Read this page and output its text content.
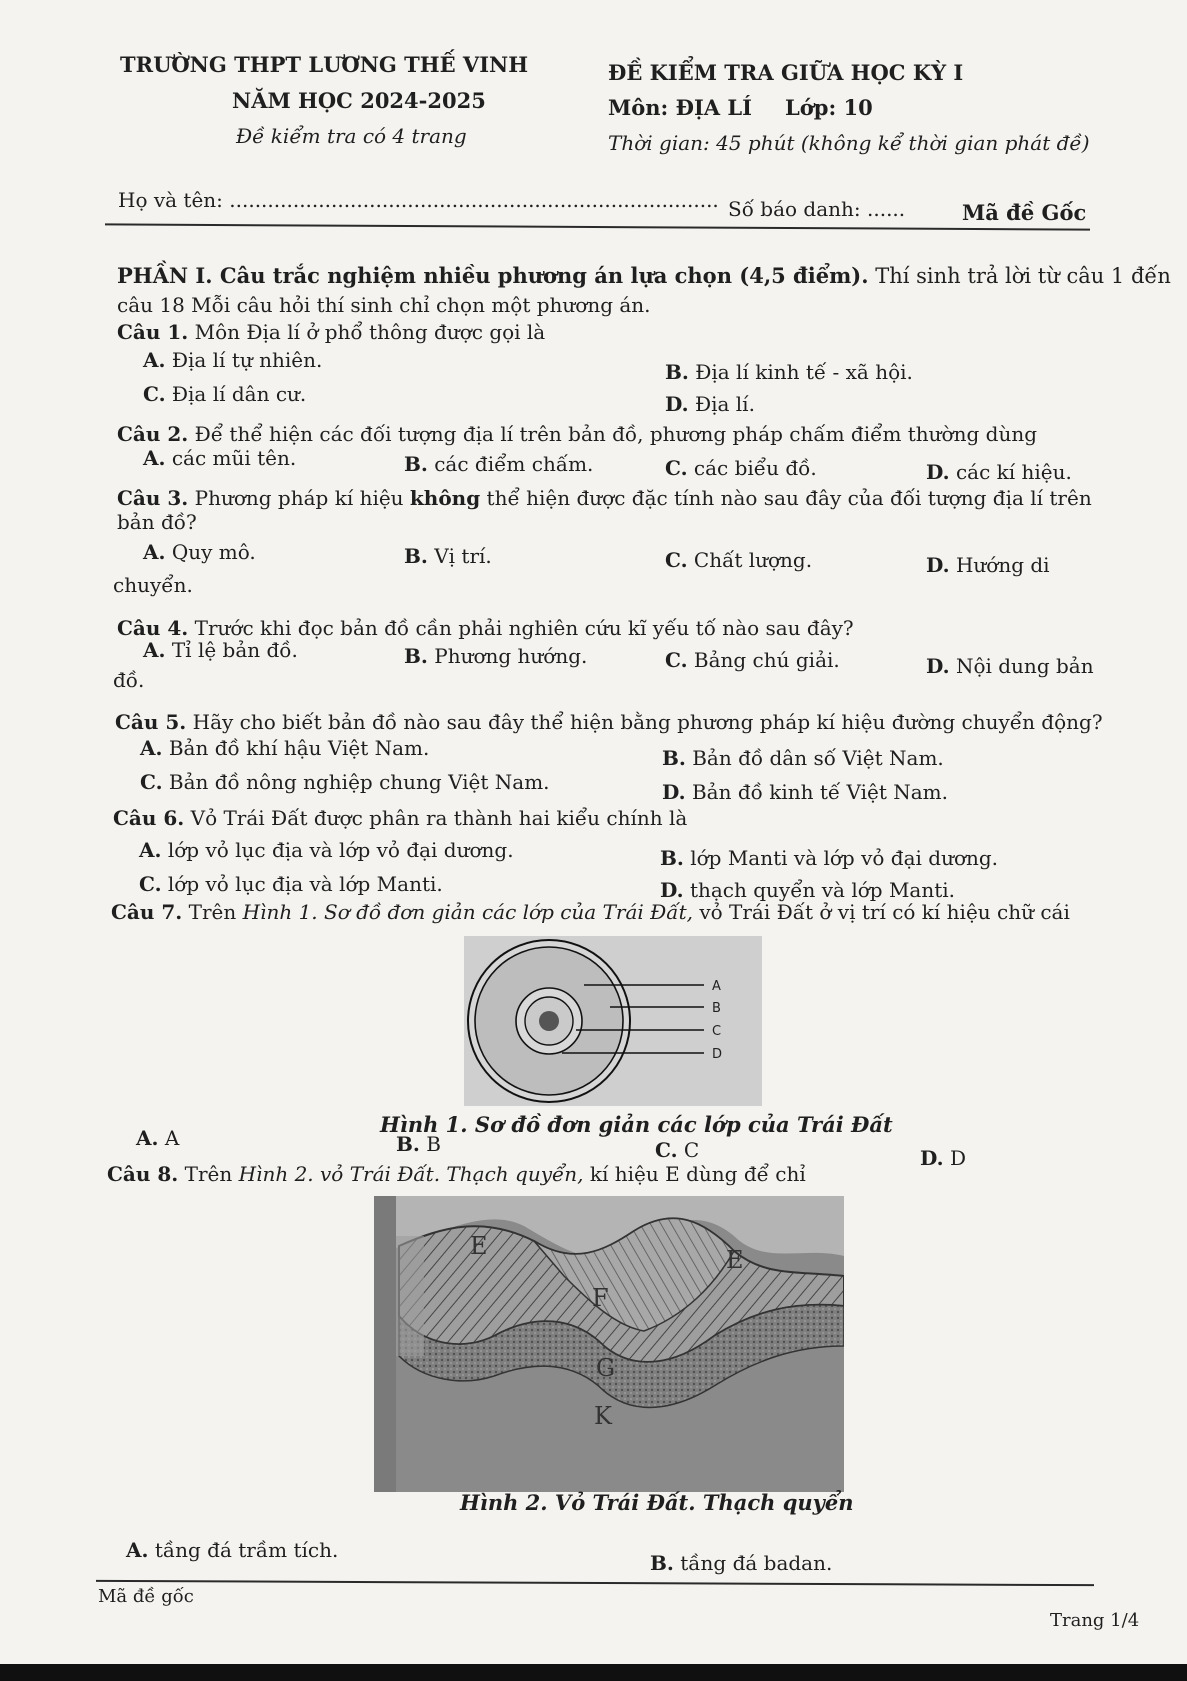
TRƯỜNG THPT LƯƠNG THẾ VINH
NĂM HỌC 2024-2025
Đề kiểm tra có 4 trang
ĐỀ KIỂM TRA GIỮA HỌC KỲ I
Môn: ĐỊA LÍ Lớp: 10
Thời gian: 45 phút (không kể thời gian phát đề)
Họ và tên: ............................................................................. Số báo danh: ......	Mã đề Gốc
PHẦN I. Câu trắc nghiệm nhiều phương án lựa chọn (4,5 điểm). Thí sinh trả lời từ câu 1 đến
câu 18 Mỗi câu hỏi thí sinh chỉ chọn một phương án.
Câu 1. Môn Địa lí ở phổ thông được gọi là
A. Địa lí tự nhiên.	B. Địa lí kinh tế - xã hội.
C. Địa lí dân cư.	D. Địa lí.
Câu 2. Để thể hiện các đối tượng địa lí trên bản đồ, phương pháp chấm điểm thường dùng
A. các mũi tên.	B. các điểm chấm.	C. các biểu đồ.	D. các kí hiệu.
Câu 3. Phương pháp kí hiệu không thể hiện được đặc tính nào sau đây của đối tượng địa lí trên
bản đồ?
A. Quy mô.	B. Vị trí.	C. Chất lượng.	D. Hướng di
chuyển.
Câu 4. Trước khi đọc bản đồ cần phải nghiên cứu kĩ yếu tố nào sau đây?
A. Tỉ lệ bản đồ.	B. Phương hướng.	C. Bảng chú giải.	D. Nội dung bản
đồ.
Câu 5. Hãy cho biết bản đồ nào sau đây thể hiện bằng phương pháp kí hiệu đường chuyển động?
A. Bản đồ khí hậu Việt Nam.	B. Bản đồ dân số Việt Nam.
C. Bản đồ nông nghiệp chung Việt Nam.	D. Bản đồ kinh tế Việt Nam.
Câu 6. Vỏ Trái Đất được phân ra thành hai kiểu chính là
A. lớp vỏ lục địa và lớp vỏ đại dương.	B. lớp Manti và lớp vỏ đại dương.
C. lớp vỏ lục địa và lớp Manti.	D. thạch quyển và lớp Manti.
Câu 7. Trên Hình 1. Sơ đồ đơn giản các lớp của Trái Đất, vỏ Trái Đất ở vị trí có kí hiệu chữ cái
A
B
C
D
Hình 1. Sơ đồ đơn giản các lớp của Trái Đất
A. A	B. B	C. C	D. D
Câu 8. Trên Hình 2. vỏ Trái Đất. Thạch quyển, kí hiệu E dùng để chỉ
E	E
F
G
K
Hình 2. Vỏ Trái Đất. Thạch quyển
A. tầng đá trầm tích.
B. tầng đá badan.
Mã đề gốc
Trang 1/4
